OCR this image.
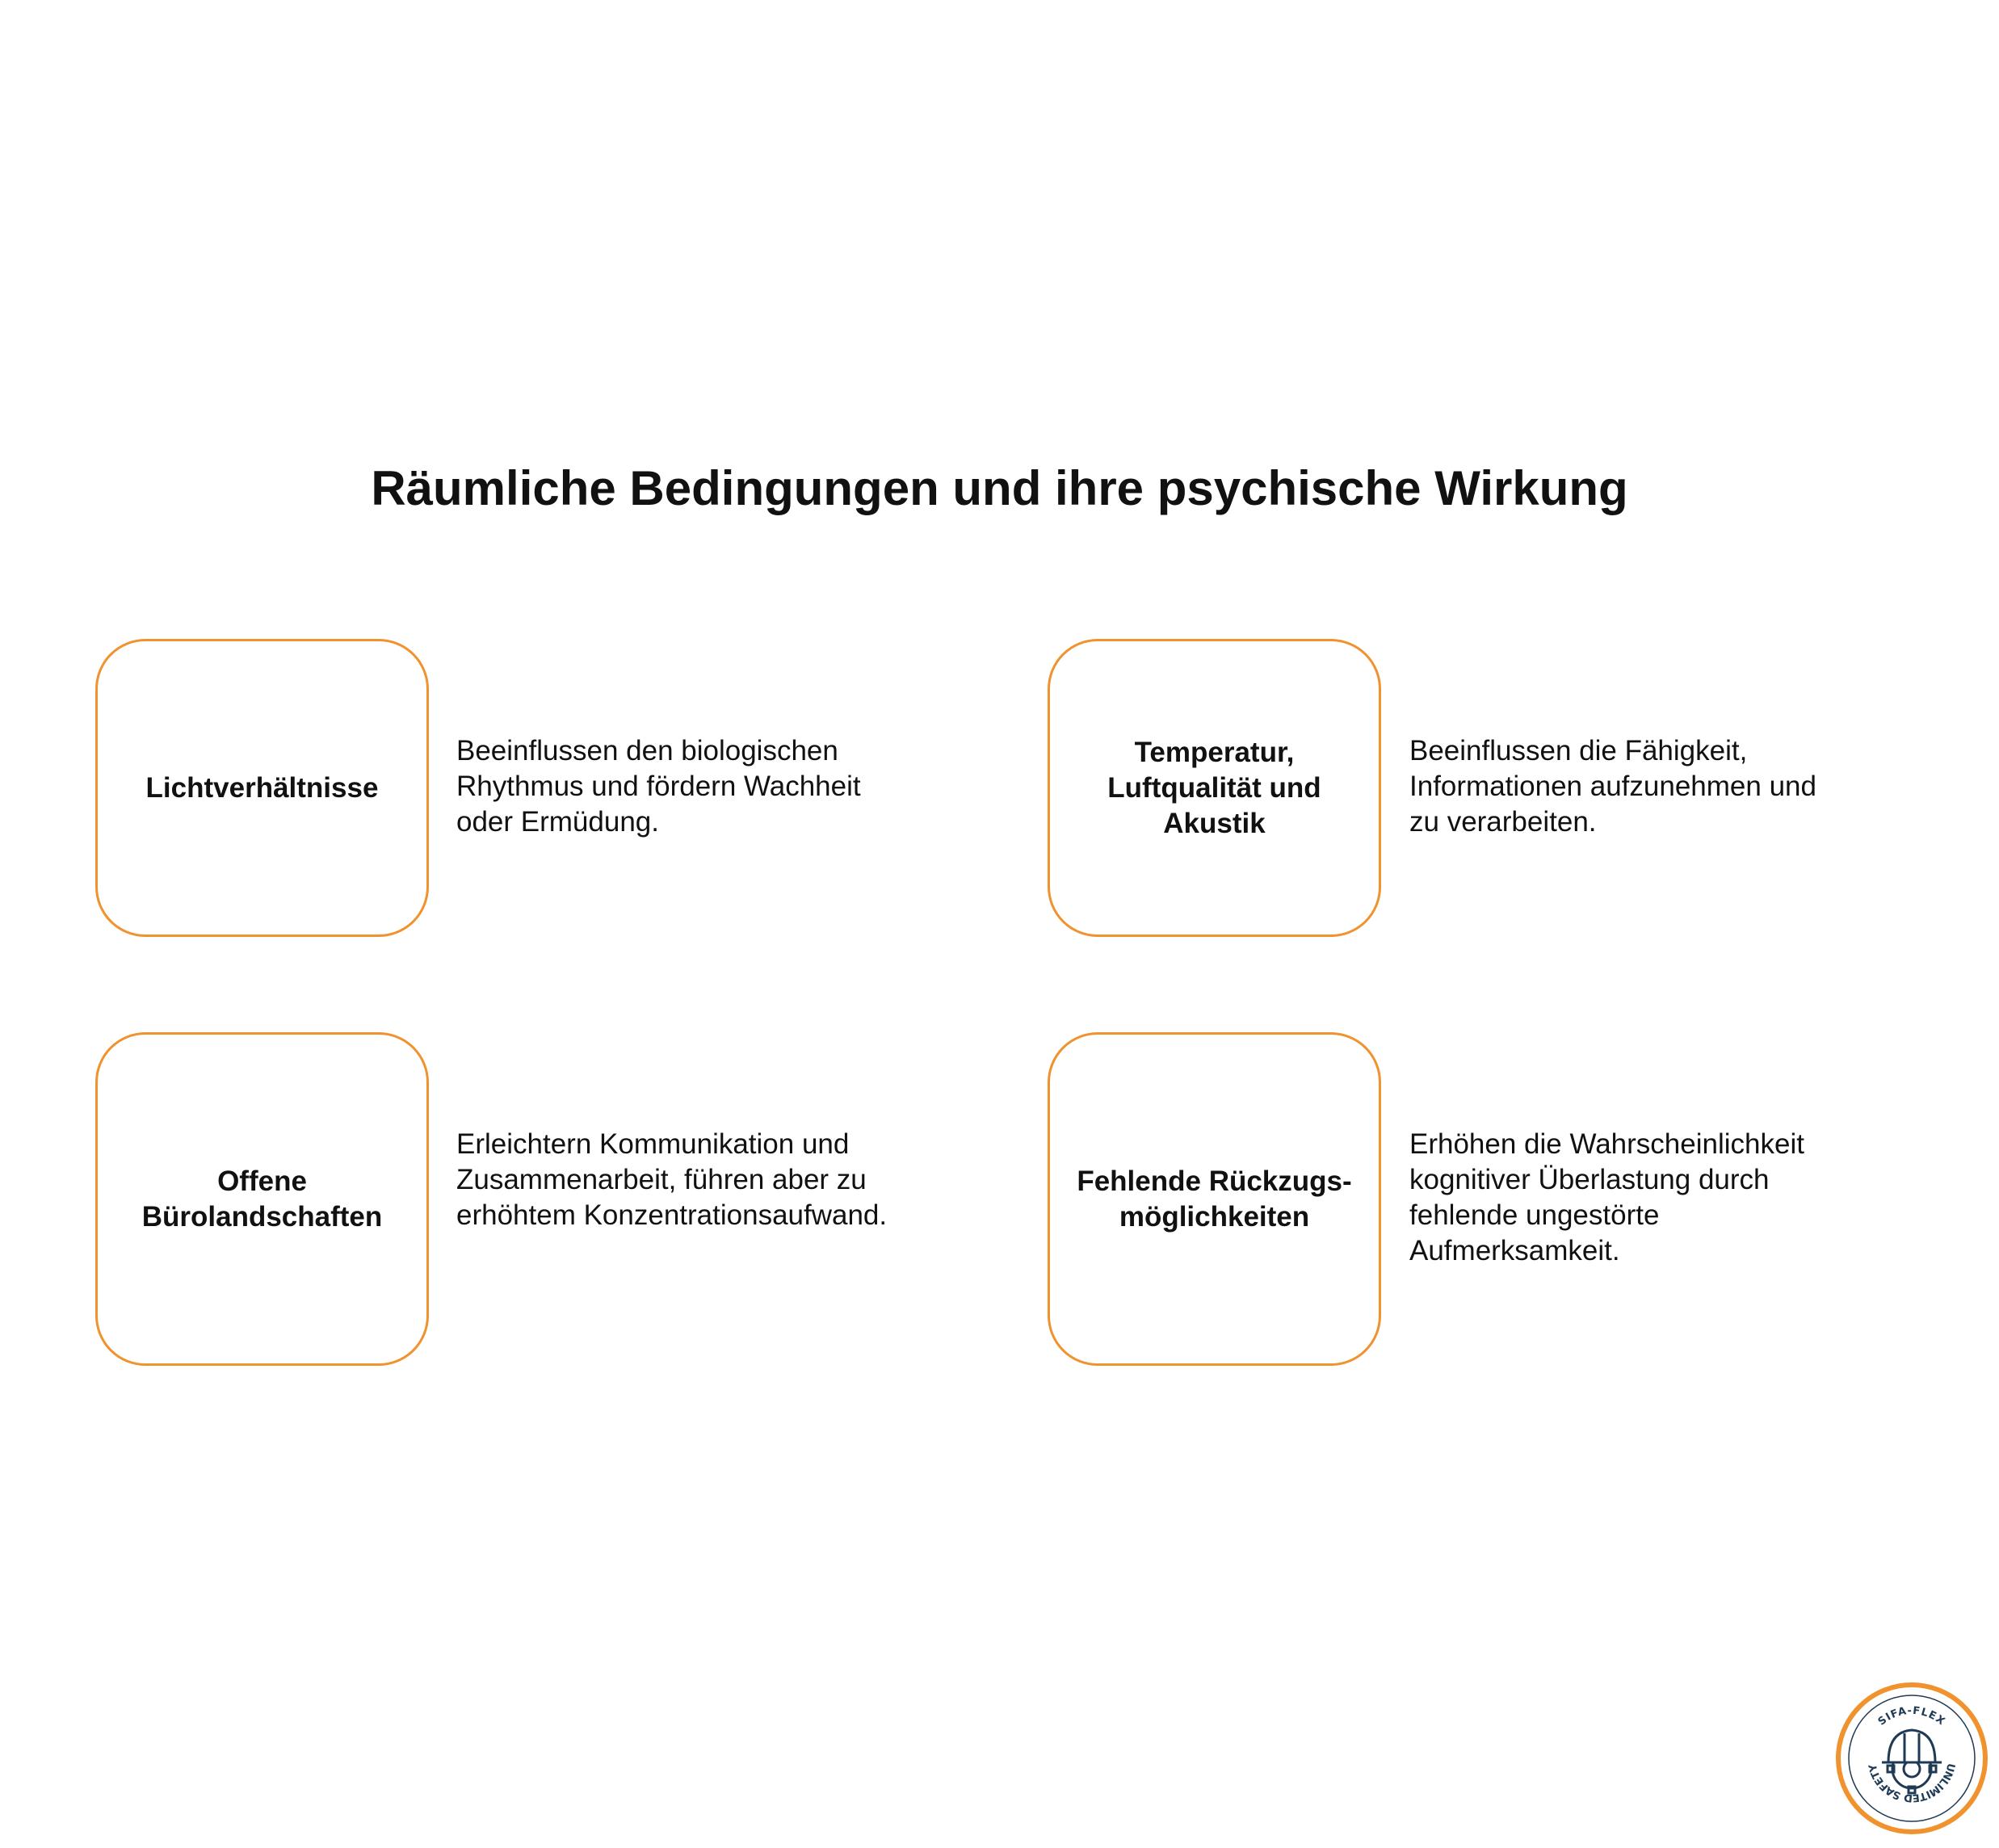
Räumliche Bedingungen und ihre psychische Wirkung
Lichtverhältnisse

Beeinflussen den biologischen
Rhythmus und fördern Wachheit
oder Ermüdung.

Temperatur,
Luftqualität und
Akustik

Beeinflussen die Fähigkeit,
Informationen aufzunehmen und
zu verarbeiten.

Offene
Bürolandschaften

Erleichtern Kommunikation und
Zusammenarbeit, führen aber zu
erhöhtem Konzentrationsaufwand.

Fehlende Rückzugs-
möglichkeiten

Erhöhen die Wahrscheinlichkeit
kognitiver Überlastung durch
fehlende ungestörte
Aufmerksamkeit.

SIFA-FLEX
UNLIMITED SAFETY
